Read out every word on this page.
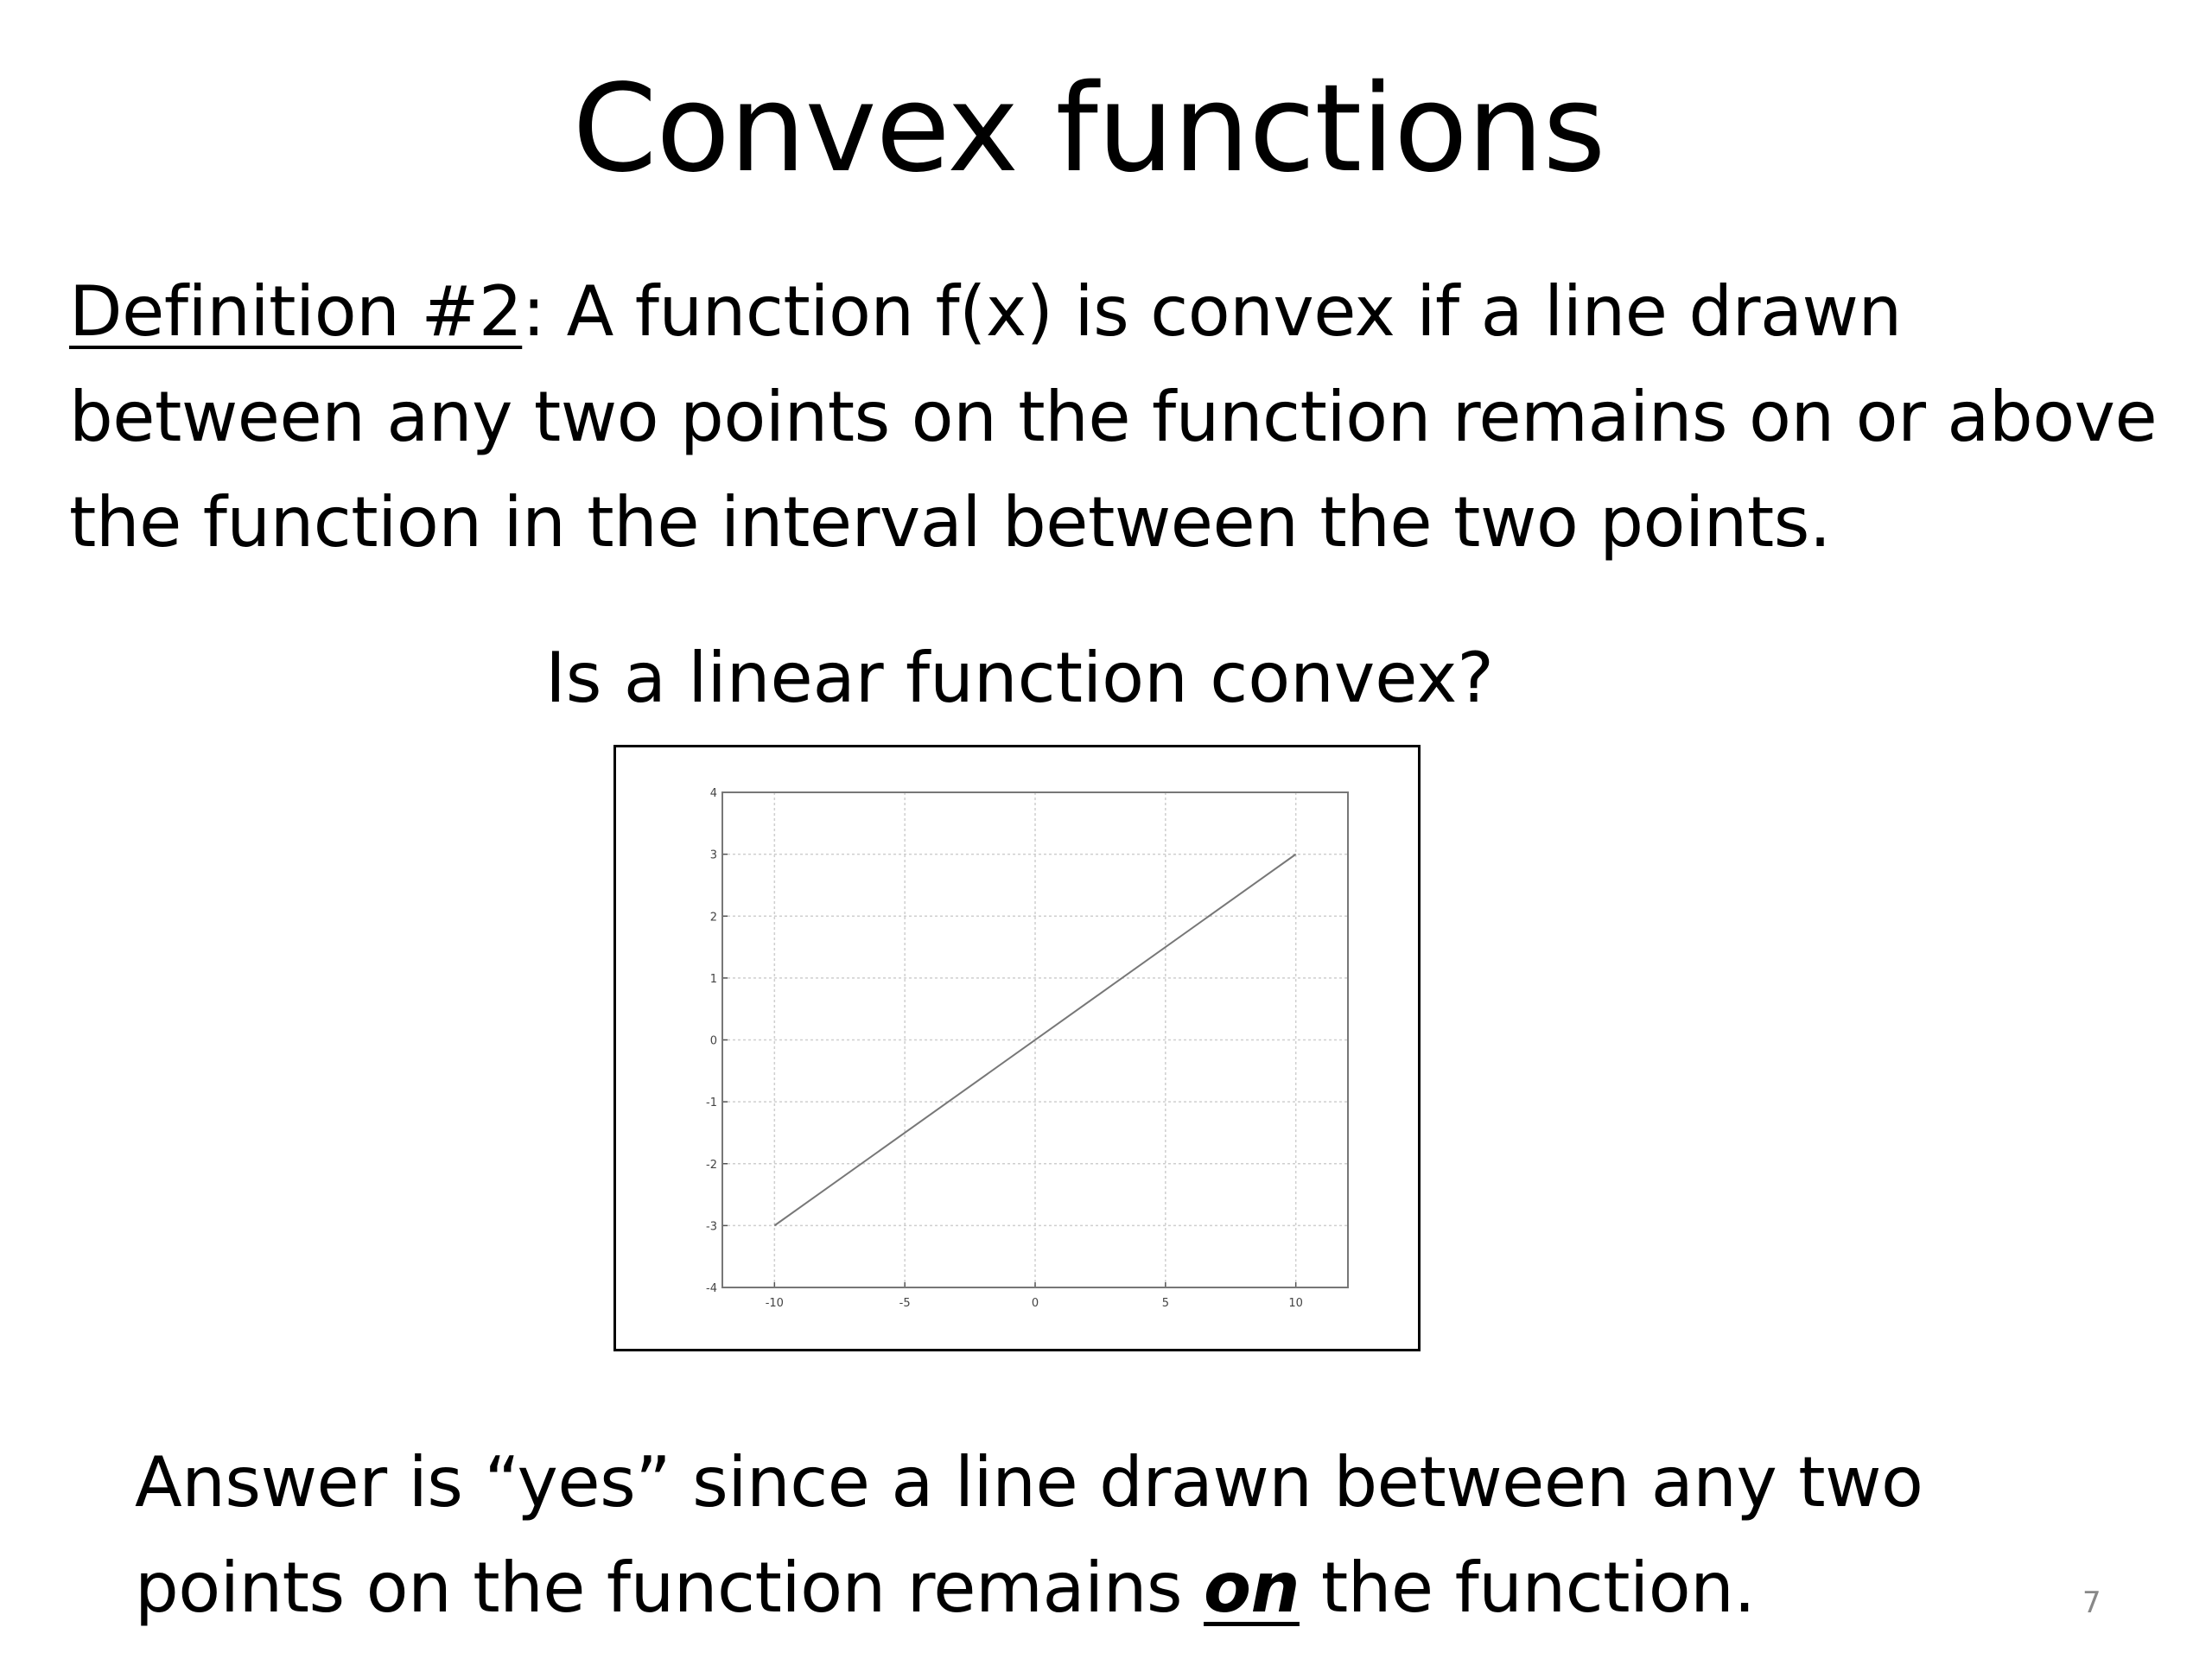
Convex functions
Definition #2: A function f(x) is convex if a line drawn between any two points on the function remains on or above the function in the interval between the two points.
Is a linear function convex?
-10	-5	0	5	10
4
3
2
1
0
-1
-2
-3
-4
Answer is “yes” since a line drawn between any two points on the function remains on the function.	7
